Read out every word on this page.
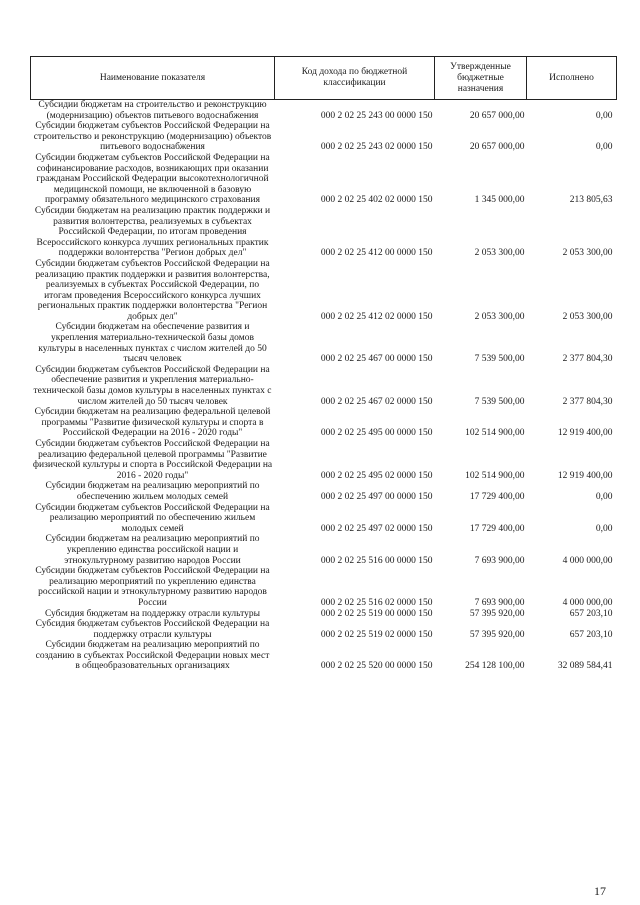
Наименование показателя	Код дохода по бюджетной классификации	Утвержденные бюджетные назначения	Исполнено
Субсидии бюджетам на строительство и реконструкцию (модернизацию) объектов питьевого водоснабжения	000 2 02 25 243 00 0000 150	20 657 000,00	0,00
Субсидии бюджетам субъектов Российской Федерации на строительство и реконструкцию (модернизацию) объектов питьевого водоснабжения	000 2 02 25 243 02 0000 150	20 657 000,00	0,00
Субсидии бюджетам субъектов Российской Федерации на софинансирование расходов, возникающих при оказании гражданам Российской Федерации высокотехнологичной медицинской помощи, не включенной в базовую программу обязательного медицинского страхования	000 2 02 25 402 02 0000 150	1 345 000,00	213 805,63
Субсидии бюджетам на реализацию практик поддержки и развития волонтерства, реализуемых в субъектах Российской Федерации, по итогам проведения Всероссийского конкурса лучших региональных практик поддержки волонтерства "Регион добрых дел"	000 2 02 25 412 00 0000 150	2 053 300,00	2 053 300,00
Субсидии бюджетам субъектов Российской Федерации на реализацию практик поддержки и развития волонтерства, реализуемых в субъектах Российской Федерации, по итогам проведения Всероссийского конкурса лучших региональных практик поддержки волонтерства "Регион добрых дел"	000 2 02 25 412 02 0000 150	2 053 300,00	2 053 300,00
Субсидии бюджетам на обеспечение развития и укрепления материально-технической базы домов культуры в населенных пунктах с числом жителей до 50 тысяч человек	000 2 02 25 467 00 0000 150	7 539 500,00	2 377 804,30
Субсидии бюджетам субъектов Российской Федерации на обеспечение развития и укрепления материально-технической базы домов культуры в населенных пунктах с числом жителей до 50 тысяч человек	000 2 02 25 467 02 0000 150	7 539 500,00	2 377 804,30
Субсидии бюджетам на реализацию федеральной целевой программы "Развитие физической культуры и спорта в Российской Федерации на 2016 - 2020 годы"	000 2 02 25 495 00 0000 150	102 514 900,00	12 919 400,00
Субсидии бюджетам субъектов Российской Федерации на реализацию федеральной целевой программы "Развитие физической культуры и спорта в Российской Федерации на 2016 - 2020 годы"	000 2 02 25 495 02 0000 150	102 514 900,00	12 919 400,00
Субсидии бюджетам на реализацию мероприятий по обеспечению жильем молодых семей	000 2 02 25 497 00 0000 150	17 729 400,00	0,00
Субсидии бюджетам субъектов Российской Федерации на реализацию мероприятий по обеспечению жильем молодых семей	000 2 02 25 497 02 0000 150	17 729 400,00	0,00
Субсидии бюджетам на реализацию мероприятий по укреплению единства российской нации и этнокультурному развитию народов России	000 2 02 25 516 00 0000 150	7 693 900,00	4 000 000,00
Субсидии бюджетам субъектов Российской Федерации на реализацию мероприятий по укреплению единства российской нации и этнокультурному развитию народов России	000 2 02 25 516 02 0000 150	7 693 900,00	4 000 000,00
Субсидия бюджетам на поддержку отрасли культуры	000 2 02 25 519 00 0000 150	57 395 920,00	657 203,10
Субсидия бюджетам субъектов Российской Федерации на поддержку отрасли культуры	000 2 02 25 519 02 0000 150	57 395 920,00	657 203,10
Субсидии бюджетам на реализацию мероприятий по созданию в субъектах Российской Федерации новых мест в общеобразовательных организациях	000 2 02 25 520 00 0000 150	254 128 100,00	32 089 584,41
17
